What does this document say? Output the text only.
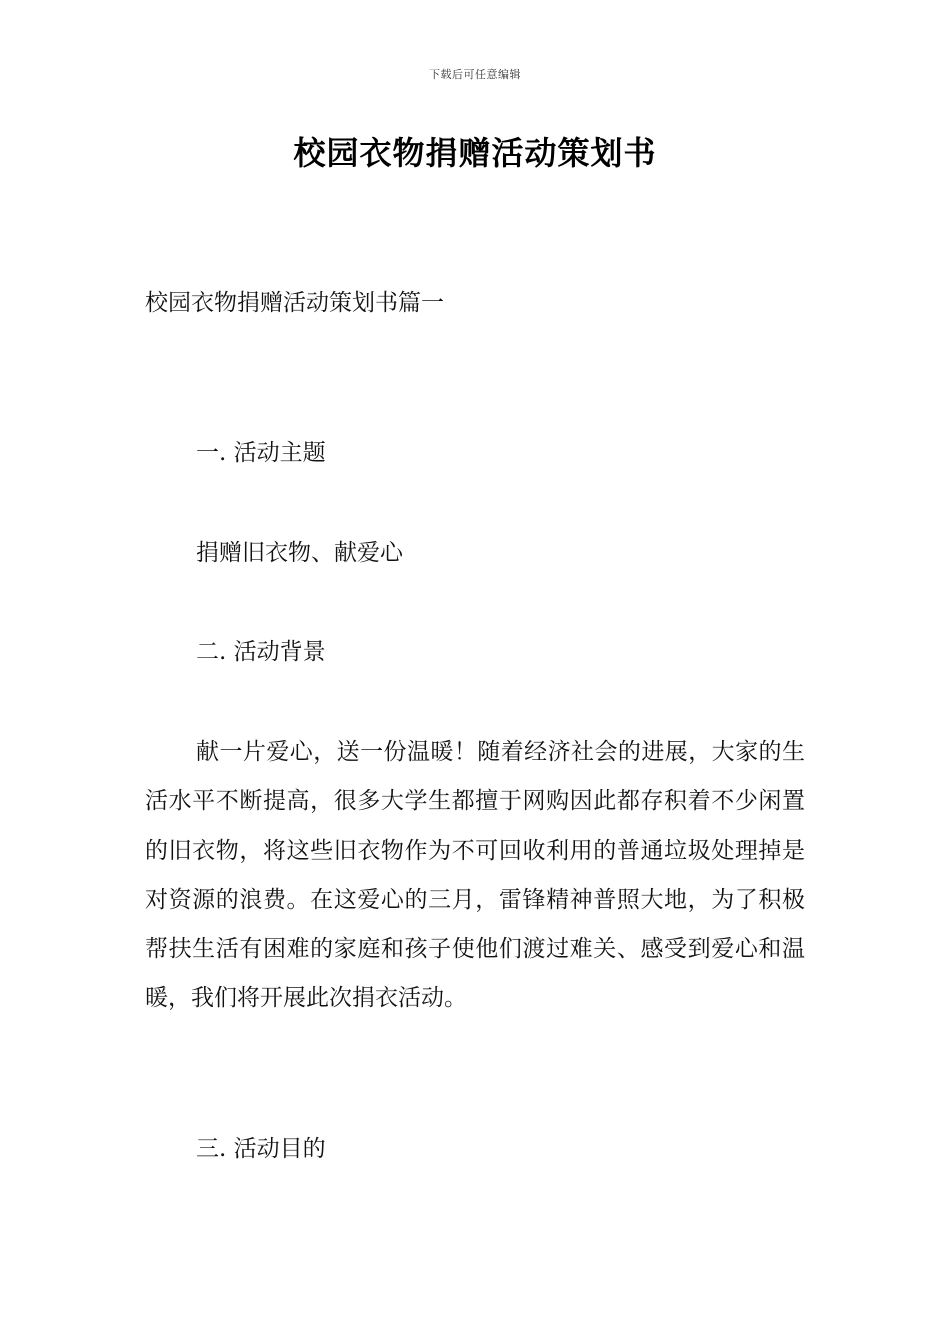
下载后可任意编辑
校园衣物捐赠活动策划书
校园衣物捐赠活动策划书篇一
一. 活动主题
捐赠旧衣物、献爱心
二. 活动背景

献一片爱心，送一份温暖！随着经济社会的进展，大家的生活水平不断提高，很多大学生都擅于网购因此都存积着不少闲置的旧衣物，将这些旧衣物作为不可回收利用的普通垃圾处理掉是对资源的浪费。在这爱心的三月，雷锋精神普照大地，为了积极帮扶生活有困难的家庭和孩子使他们渡过难关、感受到爱心和温暖，我们将开展此次捐衣活动。

三. 活动目的
